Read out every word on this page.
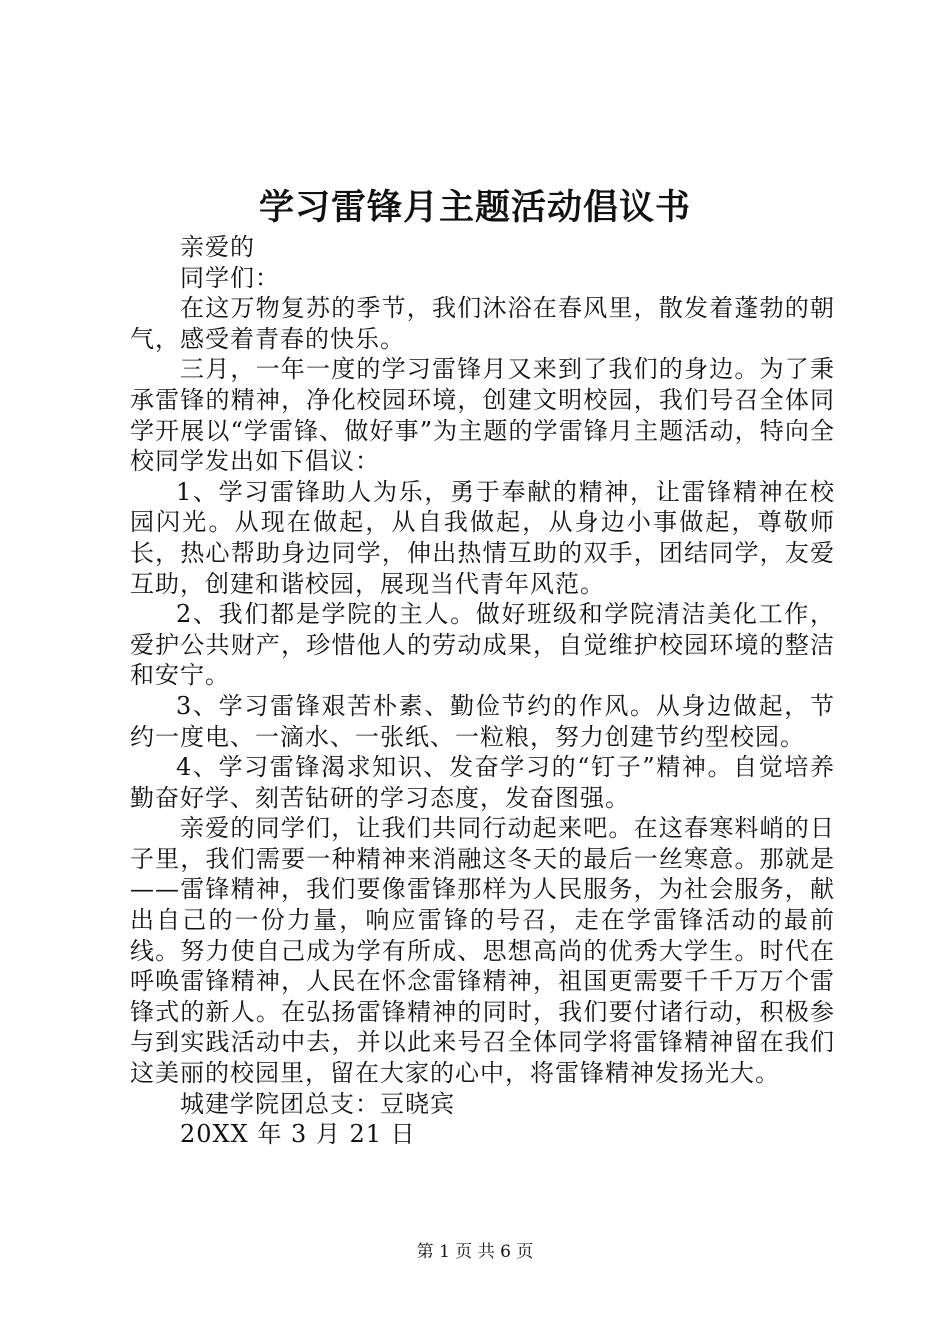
学习雷锋月主题活动倡议书

亲爱的

同学们：

在这万物复苏的季节，我们沐浴在春风里，散发着蓬勃的朝气，感受着青春的快乐。

三月，一年一度的学习雷锋月又来到了我们的身边。为了秉承雷锋的精神，净化校园环境，创建文明校园，我们号召全体同学开展以“学雷锋、做好事”为主题的学雷锋月主题活动，特向全校同学发出如下倡议：

1、学习雷锋助人为乐，勇于奉献的精神，让雷锋精神在校园闪光。从现在做起，从自我做起，从身边小事做起，尊敬师长，热心帮助身边同学，伸出热情互助的双手，团结同学，友爱互助，创建和谐校园，展现当代青年风范。

2、我们都是学院的主人。做好班级和学院清洁美化工作，爱护公共财产，珍惜他人的劳动成果，自觉维护校园环境的整洁和安宁。

3、学习雷锋艰苦朴素、勤俭节约的作风。从身边做起，节约一度电、一滴水、一张纸、一粒粮，努力创建节约型校园。

4、学习雷锋渴求知识、发奋学习的“钉子”精神。自觉培养勤奋好学、刻苦钻研的学习态度，发奋图强。

亲爱的同学们，让我们共同行动起来吧。在这春寒料峭的日子里，我们需要一种精神来消融这冬天的最后一丝寒意。那就是——雷锋精神，我们要像雷锋那样为人民服务，为社会服务，献出自己的一份力量，响应雷锋的号召，走在学雷锋活动的最前线。努力使自己成为学有所成、思想高尚的优秀大学生。时代在呼唤雷锋精神，人民在怀念雷锋精神，祖国更需要千千万万个雷锋式的新人。在弘扬雷锋精神的同时，我们要付诸行动，积极参与到实践活动中去，并以此来号召全体同学将雷锋精神留在我们这美丽的校园里，留在大家的心中，将雷锋精神发扬光大。

城建学院团总支：豆晓宾

20XX 年 3 月 21 日

第 1 页 共 6 页
